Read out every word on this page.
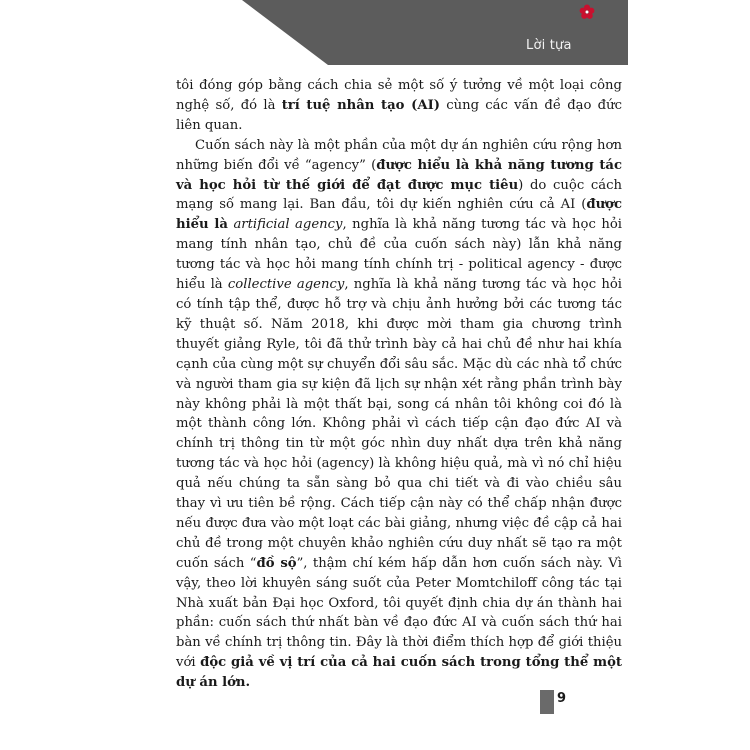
Lời tựa

tôi đóng góp bằng cách chia sẻ một số ý tưởng về một loại công nghệ số, đó là trí tuệ nhân tạo (AI) cùng các vấn đề đạo đức liên quan.

Cuốn sách này là một phần của một dự án nghiên cứu rộng hơn những biến đổi về “agency” (được hiểu là khả năng tương tác và học hỏi từ thế giới để đạt được mục tiêu) do cuộc cách mạng số mang lại. Ban đầu, tôi dự kiến nghiên cứu cả AI (được hiểu là artificial agency, nghĩa là khả năng tương tác và học hỏi mang tính nhân tạo, chủ đề của cuốn sách này) lẫn khả năng tương tác và học hỏi mang tính chính trị - political agency - được hiểu là collective agency, nghĩa là khả năng tương tác và học hỏi có tính tập thể, được hỗ trợ và chịu ảnh hưởng bởi các tương tác kỹ thuật số. Năm 2018, khi được mời tham gia chương trình thuyết giảng Ryle, tôi đã thử trình bày cả hai chủ đề như hai khía cạnh của cùng một sự chuyển đổi sâu sắc. Mặc dù các nhà tổ chức và người tham gia sự kiện đã lịch sự nhận xét rằng phần trình bày này không phải là một thất bại, song cá nhân tôi không coi đó là một thành công lớn. Không phải vì cách tiếp cận đạo đức AI và chính trị thông tin từ một góc nhìn duy nhất dựa trên khả năng tương tác và học hỏi (agency) là không hiệu quả, mà vì nó chỉ hiệu quả nếu chúng ta sẵn sàng bỏ qua chi tiết và đi vào chiều sâu thay vì ưu tiên bề rộng. Cách tiếp cận này có thể chấp nhận được nếu được đưa vào một loạt các bài giảng, nhưng việc đề cập cả hai chủ đề trong một chuyên khảo nghiên cứu duy nhất sẽ tạo ra một cuốn sách “đồ sộ”, thậm chí kém hấp dẫn hơn cuốn sách này. Vì vậy, theo lời khuyên sáng suốt của Peter Momtchiloff công tác tại Nhà xuất bản Đại học Oxford, tôi quyết định chia dự án thành hai phần: cuốn sách thứ nhất bàn về đạo đức AI và cuốn sách thứ hai bàn về chính trị thông tin. Đây là thời điểm thích hợp để giới thiệu với độc giả về vị trí của cả hai cuốn sách trong tổng thể một dự án lớn.

9
